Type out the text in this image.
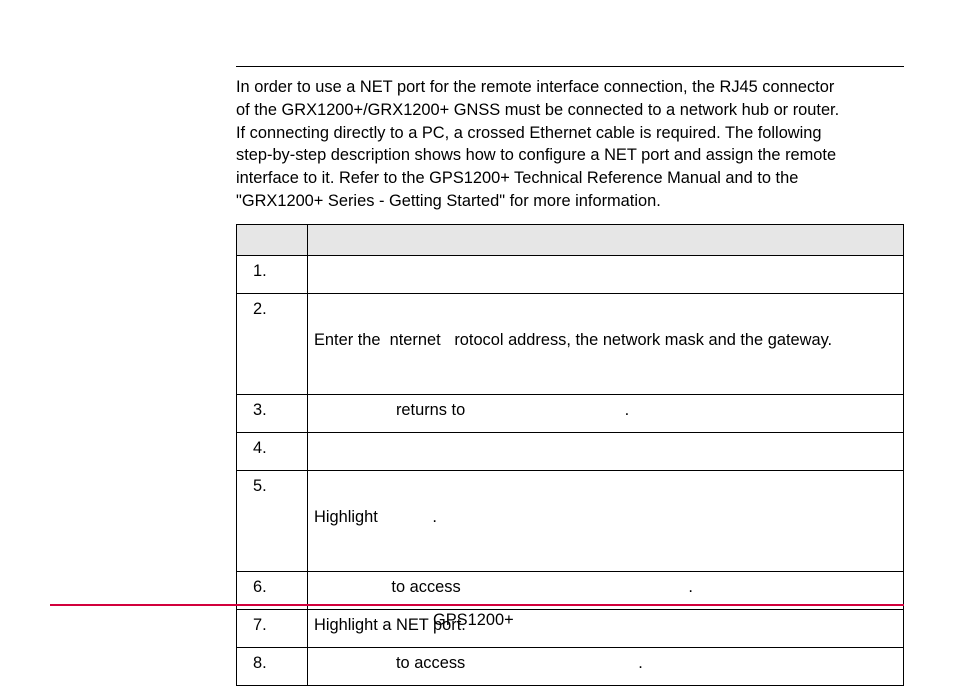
In order to use a NET port for the remote interface connection, the RJ45 connector
of the GRX1200+/GRX1200+ GNSS must be connected to a network hub or router.
If connecting directly to a PC, a crossed Ethernet cable is required. The following
step-by-step description shows how to configure a NET port and assign the remote
interface to it. Refer to the GPS1200+ Technical Reference Manual and to the
"GRX1200+ Series - Getting Started" for more information.

1.	
2.	Enter the  nternet   rotocol address, the network mask and the gateway.
3.	returns to                                   .
4.	
5.	Highlight            .
6.	to access                                                  .
7.	Highlight a NET port.
8.	to access                                      .
GPS1200+
